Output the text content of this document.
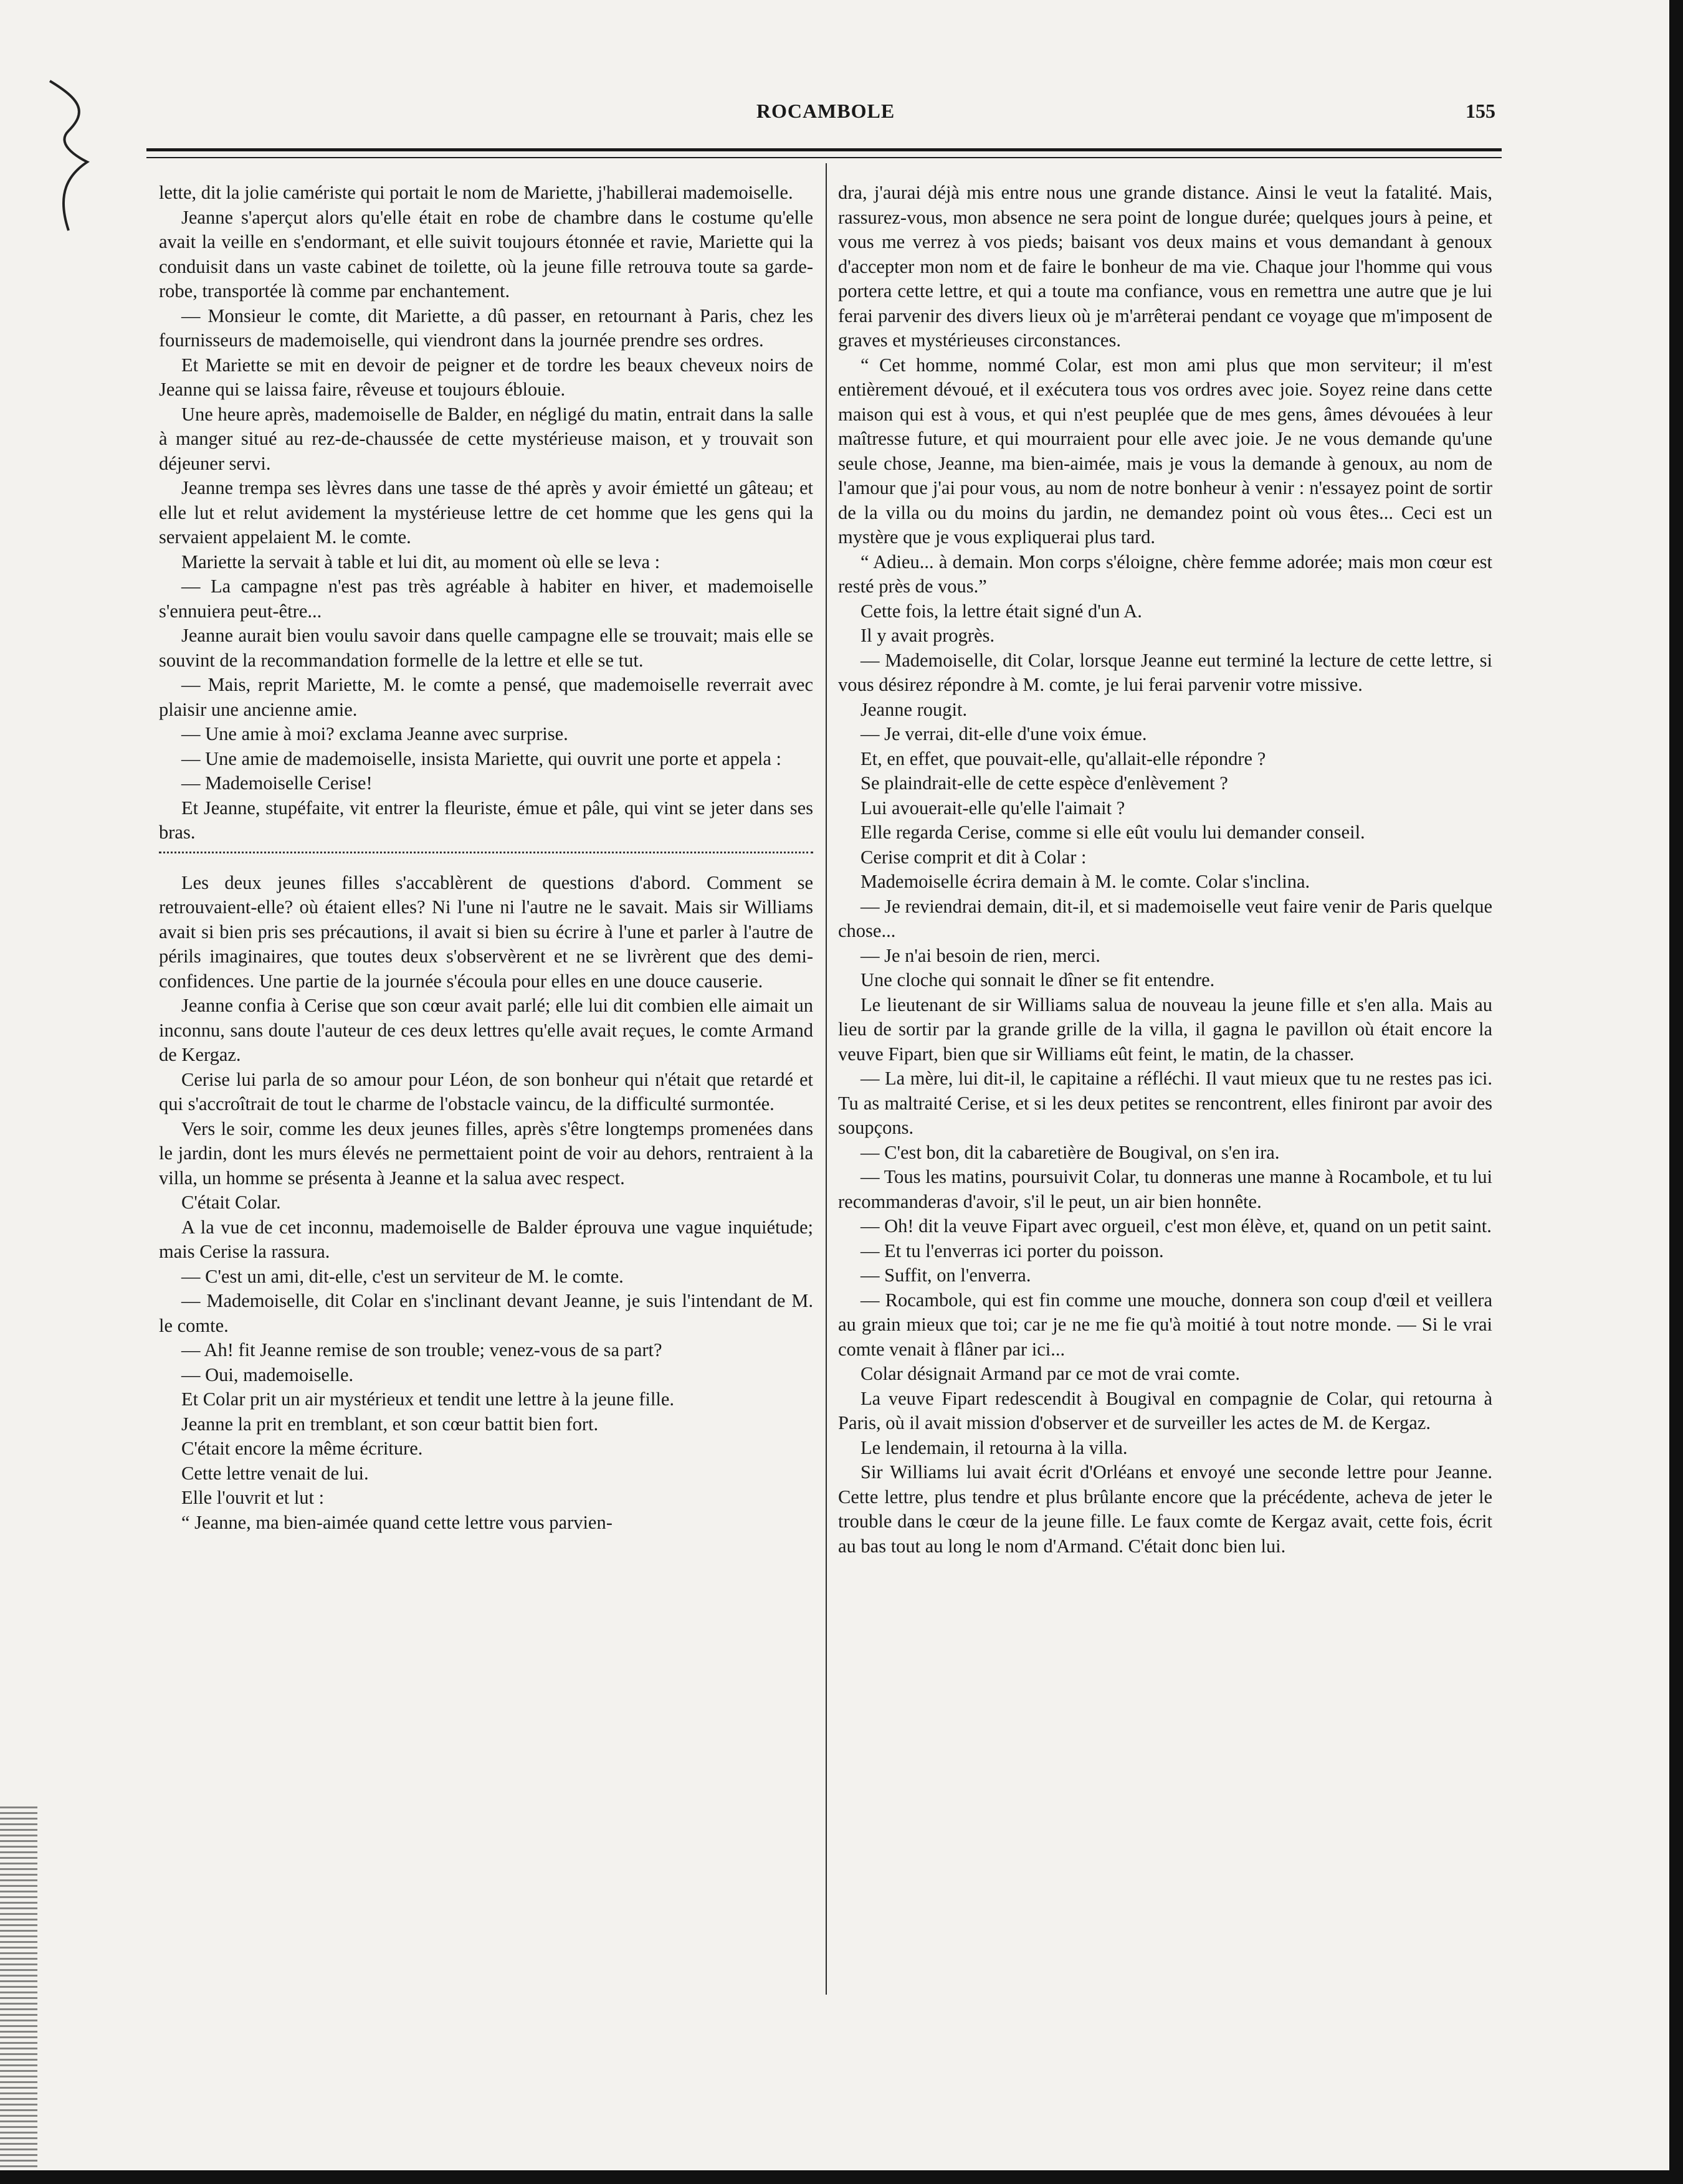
ROCAMBOLE	155

lette, dit la jolie camériste qui portait le nom de Mariette, j'habillerai mademoiselle.

Jeanne s'aperçut alors qu'elle était en robe de chambre dans le costume qu'elle avait la veille en s'endormant, et elle suivit toujours étonnée et ravie, Mariette qui la conduisit dans un vaste cabinet de toilette, où la jeune fille retrouva toute sa garde-robe, transportée là comme par enchantement.

— Monsieur le comte, dit Mariette, a dû passer, en retournant à Paris, chez les fournisseurs de mademoiselle, qui viendront dans la journée prendre ses ordres.

Et Mariette se mit en devoir de peigner et de tordre les beaux cheveux noirs de Jeanne qui se laissa faire, rêveuse et toujours éblouie.

Une heure après, mademoiselle de Balder, en négligé du matin, entrait dans la salle à manger situé au rez-de-chaussée de cette mystérieuse maison, et y trouvait son déjeuner servi.

Jeanne trempa ses lèvres dans une tasse de thé après y avoir émietté un gâteau; et elle lut et relut avidement la mystérieuse lettre de cet homme que les gens qui la servaient appelaient M. le comte.

Mariette la servait à table et lui dit, au moment où elle se leva :

— La campagne n'est pas très agréable à habiter en hiver, et mademoiselle s'ennuiera peut-être...

Jeanne aurait bien voulu savoir dans quelle campagne elle se trouvait; mais elle se souvint de la recommandation formelle de la lettre et elle se tut.

— Mais, reprit Mariette, M. le comte a pensé, que mademoiselle reverrait avec plaisir une ancienne amie.

— Une amie à moi? exclama Jeanne avec surprise.

— Une amie de mademoiselle, insista Mariette, qui ouvrit une porte et appela :

— Mademoiselle Cerise!

Et Jeanne, stupéfaite, vit entrer la fleuriste, émue et pâle, qui vint se jeter dans ses bras.

Les deux jeunes filles s'accablèrent de questions d'abord. Comment se retrouvaient-elle? où étaient elles? Ni l'une ni l'autre ne le savait. Mais sir Williams avait si bien pris ses précautions, il avait si bien su écrire à l'une et parler à l'autre de périls imaginaires, que toutes deux s'observèrent et ne se livrèrent que des demi-confidences. Une partie de la journée s'écoula pour elles en une douce causerie.

Jeanne confia à Cerise que son cœur avait parlé; elle lui dit combien elle aimait un inconnu, sans doute l'auteur de ces deux lettres qu'elle avait reçues, le comte Armand de Kergaz.

Cerise lui parla de so amour pour Léon, de son bonheur qui n'était que retardé et qui s'accroîtrait de tout le charme de l'obstacle vaincu, de la difficulté surmontée.

Vers le soir, comme les deux jeunes filles, après s'être longtemps promenées dans le jardin, dont les murs élevés ne permettaient point de voir au dehors, rentraient à la villa, un homme se présenta à Jeanne et la salua avec respect.

C'était Colar.

A la vue de cet inconnu, mademoiselle de Balder éprouva une vague inquiétude; mais Cerise la rassura.

— C'est un ami, dit-elle, c'est un serviteur de M. le comte.

— Mademoiselle, dit Colar en s'inclinant devant Jeanne, je suis l'intendant de M. le comte.

— Ah! fit Jeanne remise de son trouble; venez-vous de sa part?

— Oui, mademoiselle.

Et Colar prit un air mystérieux et tendit une lettre à la jeune fille.

Jeanne la prit en tremblant, et son cœur battit bien fort.

C'était encore la même écriture.

Cette lettre venait de lui.

Elle l'ouvrit et lut :

“ Jeanne, ma bien-aimée quand cette lettre vous parvien-

dra, j'aurai déjà mis entre nous une grande distance. Ainsi le veut la fatalité. Mais, rassurez-vous, mon absence ne sera point de longue durée; quelques jours à peine, et vous me verrez à vos pieds; baisant vos deux mains et vous demandant à genoux d'accepter mon nom et de faire le bonheur de ma vie. Chaque jour l'homme qui vous portera cette lettre, et qui a toute ma confiance, vous en remettra une autre que je lui ferai parvenir des divers lieux où je m'arrêterai pendant ce voyage que m'imposent de graves et mystérieuses circonstances.

“ Cet homme, nommé Colar, est mon ami plus que mon serviteur; il m'est entièrement dévoué, et il exécutera tous vos ordres avec joie. Soyez reine dans cette maison qui est à vous, et qui n'est peuplée que de mes gens, âmes dévouées à leur maîtresse future, et qui mourraient pour elle avec joie. Je ne vous demande qu'une seule chose, Jeanne, ma bien-aimée, mais je vous la demande à genoux, au nom de l'amour que j'ai pour vous, au nom de notre bonheur à venir : n'essayez point de sortir de la villa ou du moins du jardin, ne demandez point où vous êtes... Ceci est un mystère que je vous expliquerai plus tard.

“ Adieu... à demain. Mon corps s'éloigne, chère femme adorée; mais mon cœur est resté près de vous.”

Cette fois, la lettre était signé d'un A.

Il y avait progrès.

— Mademoiselle, dit Colar, lorsque Jeanne eut terminé la lecture de cette lettre, si vous désirez répondre à M. comte, je lui ferai parvenir votre missive.

Jeanne rougit.

— Je verrai, dit-elle d'une voix émue.

Et, en effet, que pouvait-elle, qu'allait-elle répondre ?

Se plaindrait-elle de cette espèce d'enlèvement ?

Lui avouerait-elle qu'elle l'aimait ?

Elle regarda Cerise, comme si elle eût voulu lui demander conseil.

Cerise comprit et dit à Colar :

Mademoiselle écrira demain à M. le comte. Colar s'inclina.

— Je reviendrai demain, dit-il, et si mademoiselle veut faire venir de Paris quelque chose...

— Je n'ai besoin de rien, merci.

Une cloche qui sonnait le dîner se fit entendre.

Le lieutenant de sir Williams salua de nouveau la jeune fille et s'en alla. Mais au lieu de sortir par la grande grille de la villa, il gagna le pavillon où était encore la veuve Fipart, bien que sir Williams eût feint, le matin, de la chasser.

— La mère, lui dit-il, le capitaine a réfléchi. Il vaut mieux que tu ne restes pas ici. Tu as maltraité Cerise, et si les deux petites se rencontrent, elles finiront par avoir des soupçons.

— C'est bon, dit la cabaretière de Bougival, on s'en ira.

— Tous les matins, poursuivit Colar, tu donneras une manne à Rocambole, et tu lui recommanderas d'avoir, s'il le peut, un air bien honnête.

— Oh! dit la veuve Fipart avec orgueil, c'est mon élève, et, quand on un petit saint.

— Et tu l'enverras ici porter du poisson.

— Suffit, on l'enverra.

— Rocambole, qui est fin comme une mouche, donnera son coup d'œil et veillera au grain mieux que toi; car je ne me fie qu'à moitié à tout notre monde. — Si le vrai comte venait à flâner par ici...

Colar désignait Armand par ce mot de vrai comte.

La veuve Fipart redescendit à Bougival en compagnie de Colar, qui retourna à Paris, où il avait mission d'observer et de surveiller les actes de M. de Kergaz.

Le lendemain, il retourna à la villa.

Sir Williams lui avait écrit d'Orléans et envoyé une seconde lettre pour Jeanne. Cette lettre, plus tendre et plus brûlante encore que la précédente, acheva de jeter le trouble dans le cœur de la jeune fille. Le faux comte de Kergaz avait, cette fois, écrit au bas tout au long le nom d'Armand. C'était donc bien lui.
